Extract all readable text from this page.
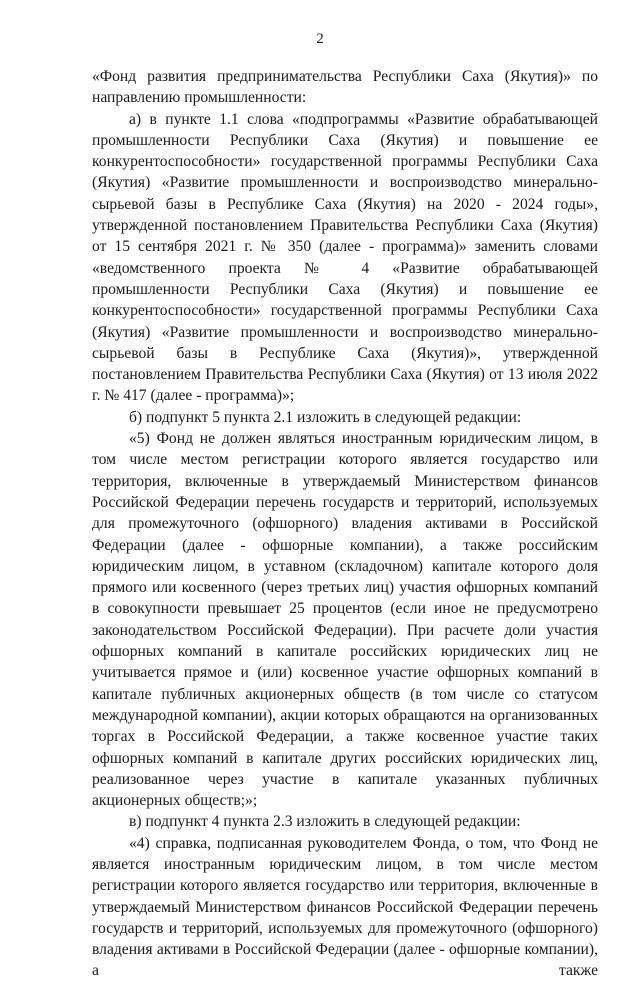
2

«Фонд развития предпринимательства Республики Саха (Якутия)» по направлению промышленности:

а) в пункте 1.1 слова «подпрограммы «Развитие обрабатывающей промышленности Республики Саха (Якутия) и повышение ее конкурентоспособности» государственной программы Республики Саха (Якутия) «Развитие промышленности и воспроизводство минерально-сырьевой базы в Республике Саха (Якутия) на 2020 - 2024 годы», утвержденной постановлением Правительства Республики Саха (Якутия) от 15 сентября 2021 г. № 350 (далее - программа)» заменить словами «ведомственного проекта № 4 «Развитие обрабатывающей промышленности Республики Саха (Якутия) и повышение ее конкурентоспособности» государственной программы Республики Саха (Якутия) «Развитие промышленности и воспроизводство минерально-сырьевой базы в Республике Саха (Якутия)», утвержденной постановлением Правительства Республики Саха (Якутия) от 13 июля 2022 г. № 417 (далее - программа)»;

б) подпункт 5 пункта 2.1 изложить в следующей редакции:

«5) Фонд не должен являться иностранным юридическим лицом, в том числе местом регистрации которого является государство или территория, включенные в утверждаемый Министерством финансов Российской Федерации перечень государств и территорий, используемых для промежуточного (офшорного) владения активами в Российской Федерации (далее - офшорные компании), а также российским юридическим лицом, в уставном (складочном) капитале которого доля прямого или косвенного (через третьих лиц) участия офшорных компаний в совокупности превышает 25 процентов (если иное не предусмотрено законодательством Российской Федерации). При расчете доли участия офшорных компаний в капитале российских юридических лиц не учитывается прямое и (или) косвенное участие офшорных компаний в капитале публичных акционерных обществ (в том числе со статусом международной компании), акции которых обращаются на организованных торгах в Российской Федерации, а также косвенное участие таких офшорных компаний в капитале других российских юридических лиц, реализованное через участие в капитале указанных публичных акционерных обществ;»;

в) подпункт 4 пункта 2.3 изложить в следующей редакции:

«4) справка, подписанная руководителем Фонда, о том, что Фонд не является иностранным юридическим лицом, в том числе местом регистрации которого является государство или территория, включенные в утверждаемый Министерством финансов Российской Федерации перечень государств и территорий, используемых для промежуточного (офшорного) владения активами в Российской Федерации (далее - офшорные компании), а также
